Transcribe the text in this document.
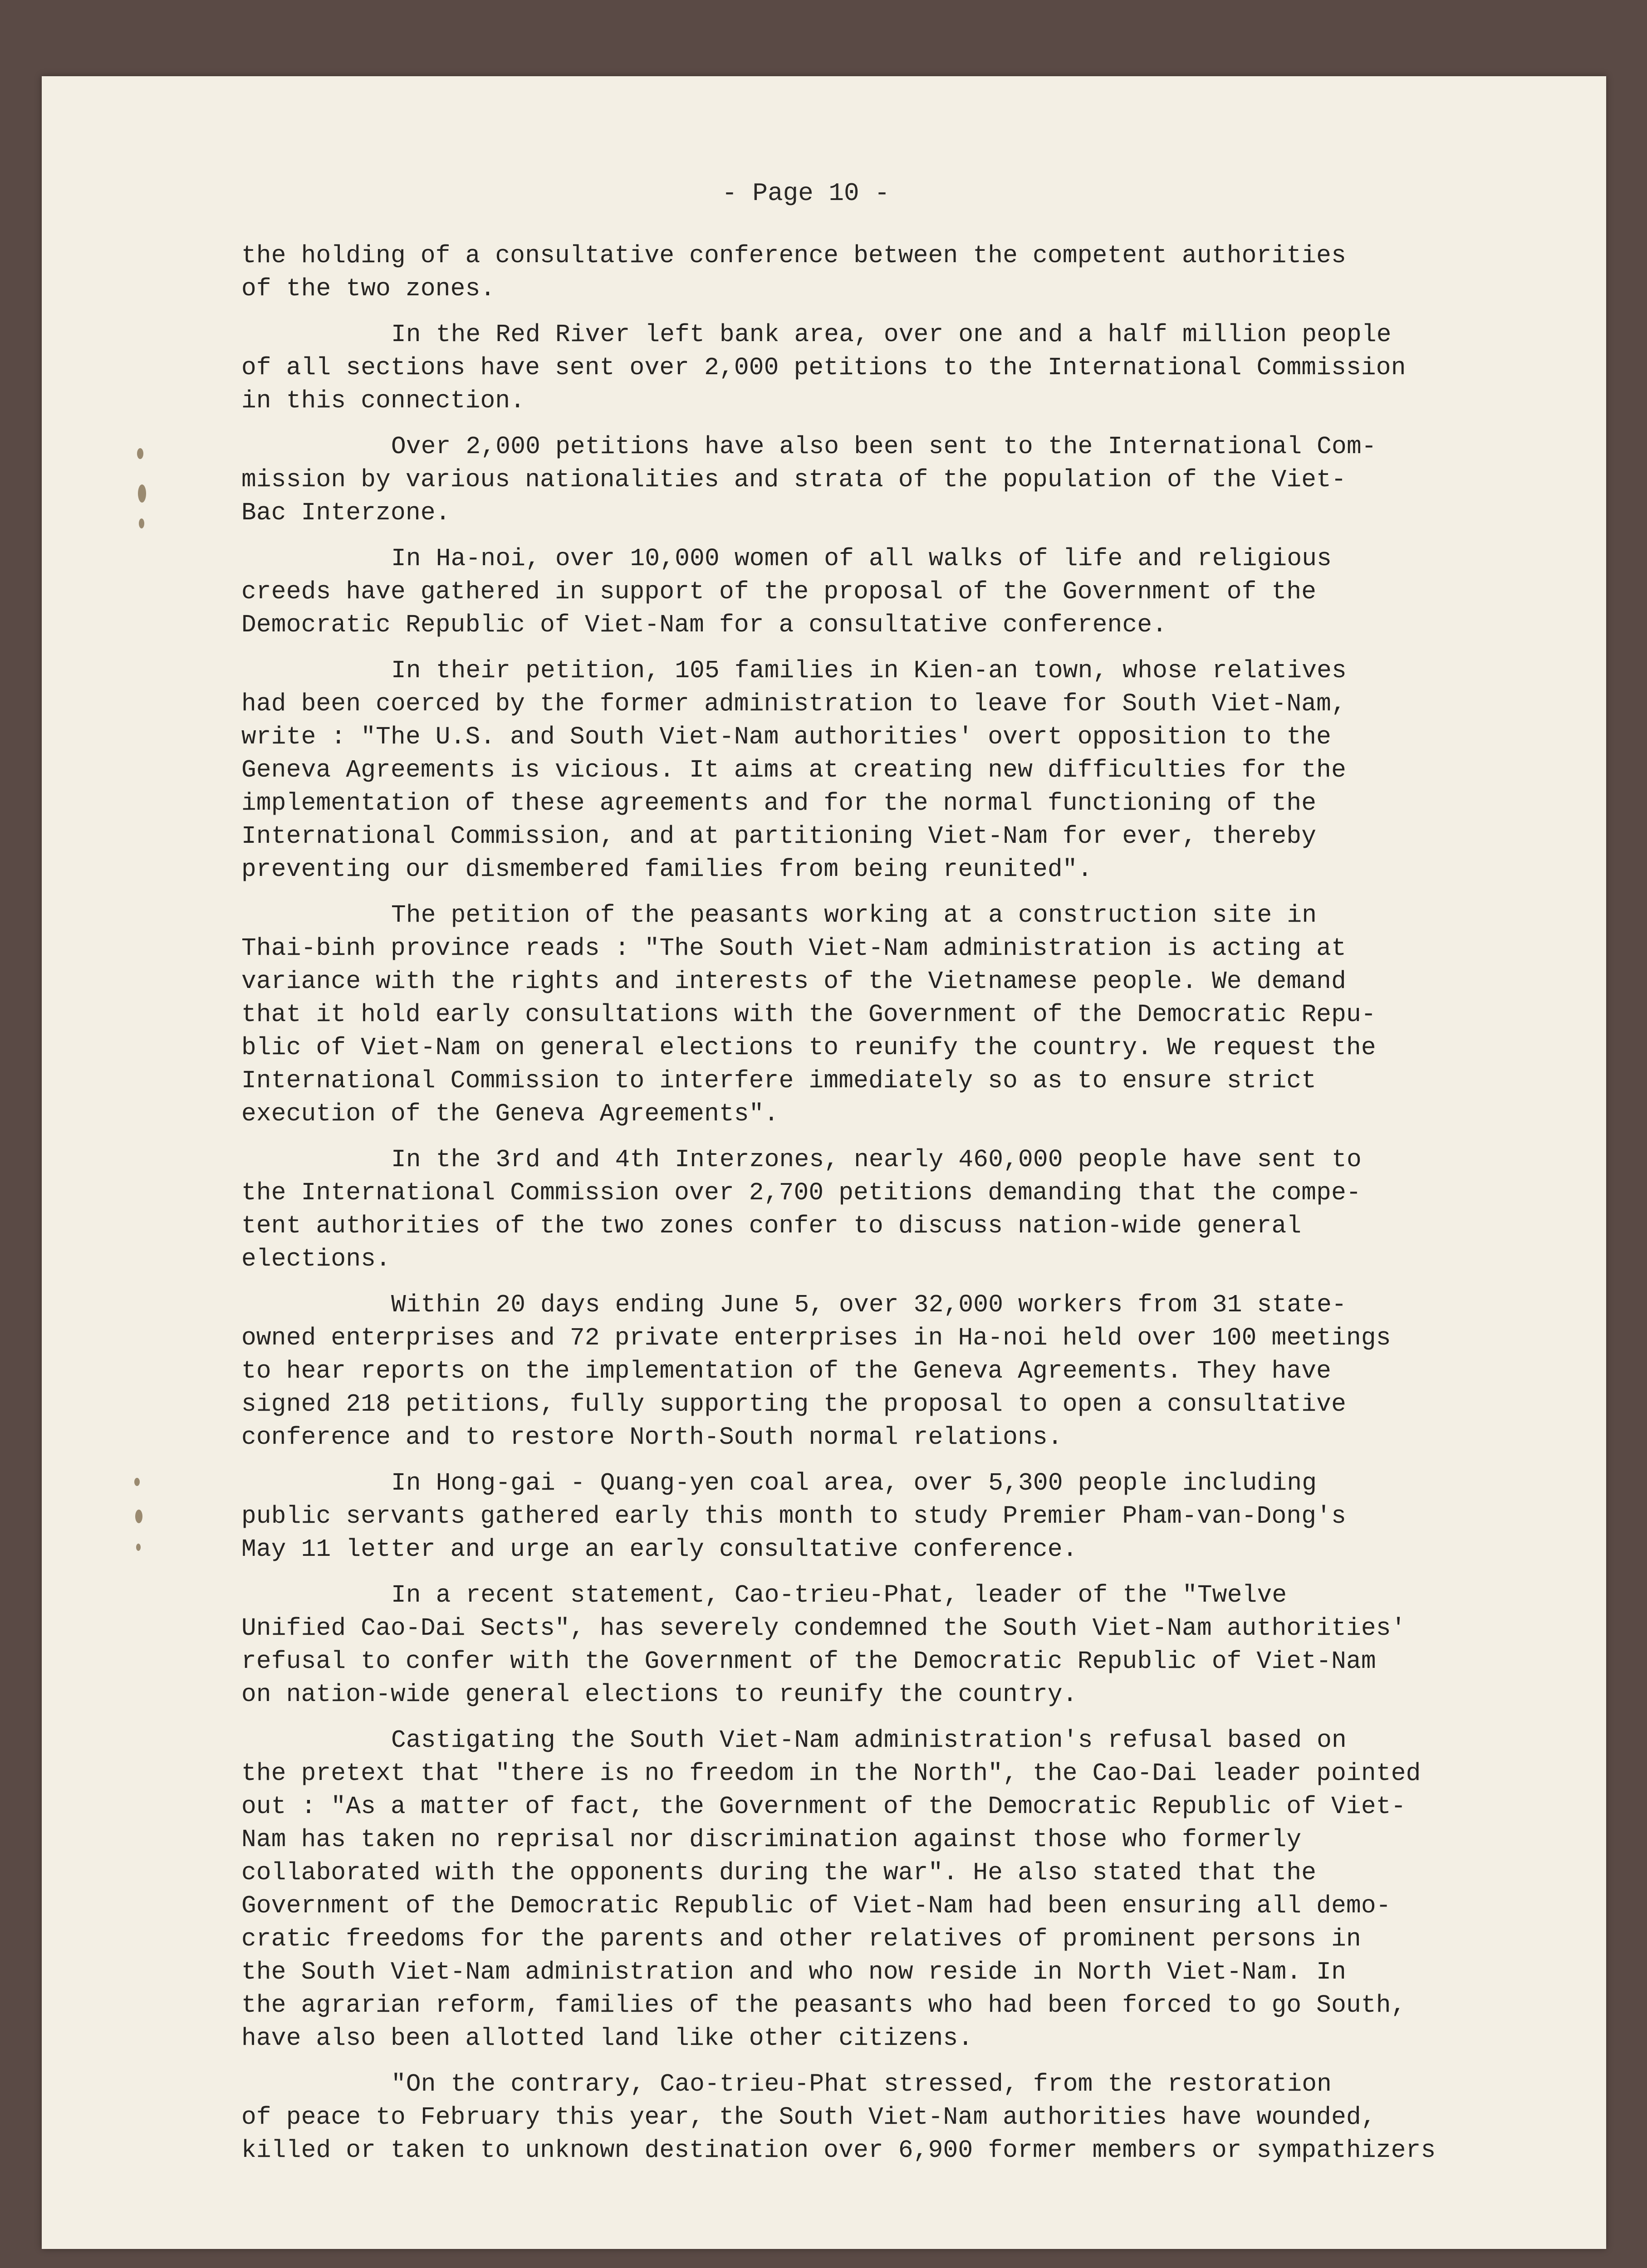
- Page 10 -
the holding of a consultative conference between the competent authorities
of the two zones.
In the Red River left bank area, over one and a half million people
of all sections have sent over 2,000 petitions to the International Commission
in this connection.
Over 2,000 petitions have also been sent to the International Com-
mission by various nationalities and strata of the population of the Viet-
Bac Interzone.
In Ha-noi, over 10,000 women of all walks of life and religious
creeds have gathered in support of the proposal of the Government of the
Democratic Republic of Viet-Nam for a consultative conference.
In their petition, 105 families in Kien-an town, whose relatives
had been coerced by the former administration to leave for South Viet-Nam,
write : "The U.S. and South Viet-Nam authorities' overt opposition to the
Geneva Agreements is vicious. It aims at creating new difficulties for the
implementation of these agreements and for the normal functioning of the
International Commission, and at partitioning Viet-Nam for ever, thereby
preventing our dismembered families from being reunited".
The petition of the peasants working at a construction site in
Thai-binh province reads : "The South Viet-Nam administration is acting at
variance with the rights and interests of the Vietnamese people. We demand
that it hold early consultations with the Government of the Democratic Repu-
blic of Viet-Nam on general elections to reunify the country. We request the
International Commission to interfere immediately so as to ensure strict
execution of the Geneva Agreements".
In the 3rd and 4th Interzones, nearly 460,000 people have sent to
the International Commission over 2,700 petitions demanding that the compe-
tent authorities of the two zones confer to discuss nation-wide general
elections.
Within 20 days ending June 5, over 32,000 workers from 31 state-
owned enterprises and 72 private enterprises in Ha-noi held over 100 meetings
to hear reports on the implementation of the Geneva Agreements. They have
signed 218 petitions, fully supporting the proposal to open a consultative
conference and to restore North-South normal relations.
In Hong-gai - Quang-yen coal area, over 5,300 people including
public servants gathered early this month to study Premier Pham-van-Dong's
May 11 letter and urge an early consultative conference.
In a recent statement, Cao-trieu-Phat, leader of the "Twelve
Unified Cao-Dai Sects", has severely condemned the South Viet-Nam authorities'
refusal to confer with the Government of the Democratic Republic of Viet-Nam
on nation-wide general elections to reunify the country.
Castigating the South Viet-Nam administration's refusal based on
the pretext that "there is no freedom in the North", the Cao-Dai leader pointed
out : "As a matter of fact, the Government of the Democratic Republic of Viet-
Nam has taken no reprisal nor discrimination against those who formerly
collaborated with the opponents during the war". He also stated that the
Government of the Democratic Republic of Viet-Nam had been ensuring all demo-
cratic freedoms for the parents and other relatives of prominent persons in
the South Viet-Nam administration and who now reside in North Viet-Nam. In
the agrarian reform, families of the peasants who had been forced to go South,
have also been allotted land like other citizens.
"On the contrary, Cao-trieu-Phat stressed, from the restoration
of peace to February this year, the South Viet-Nam authorities have wounded,
killed or taken to unknown destination over 6,900 former members or sympathizers
